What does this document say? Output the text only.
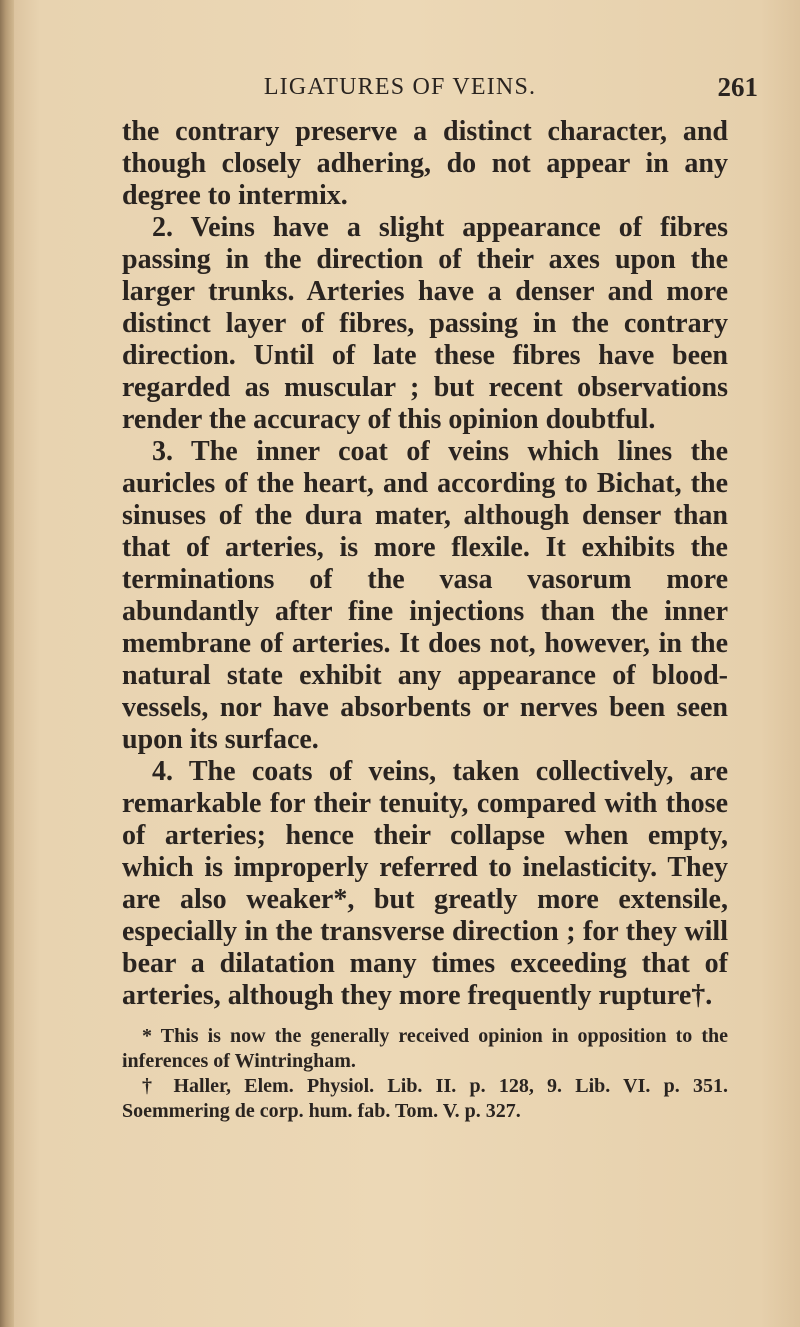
LIGATURES OF VEINS.	261

the contrary preserve a distinct character, and though closely adhering, do not appear in any degree to intermix.

2. Veins have a slight appearance of fibres passing in the direction of their axes upon the larger trunks. Arteries have a denser and more distinct layer of fibres, passing in the contrary direction. Until of late these fibres have been regarded as muscular ; but recent observations render the accuracy of this opinion doubtful.

3. The inner coat of veins which lines the auricles of the heart, and according to Bichat, the sinuses of the dura mater, although denser than that of arteries, is more flexile. It exhibits the terminations of the vasa vasorum more abundantly after fine injections than the inner membrane of arteries. It does not, however, in the natural state exhibit any appearance of blood-vessels, nor have absorbents or nerves been seen upon its surface.

4. The coats of veins, taken collectively, are remarkable for their tenuity, compared with those of arteries; hence their collapse when empty, which is improperly referred to inelasticity. They are also weaker*, but greatly more extensile, especially in the transverse direction ; for they will bear a dilatation many times exceeding that of arteries, although they more frequently rupture†.

* This is now the generally received opinion in opposition to the inferences of Wintringham.

† Haller, Elem. Physiol. Lib. II. p. 128, 9. Lib. VI. p. 351. Soemmering de corp. hum. fab. Tom. V. p. 327.
